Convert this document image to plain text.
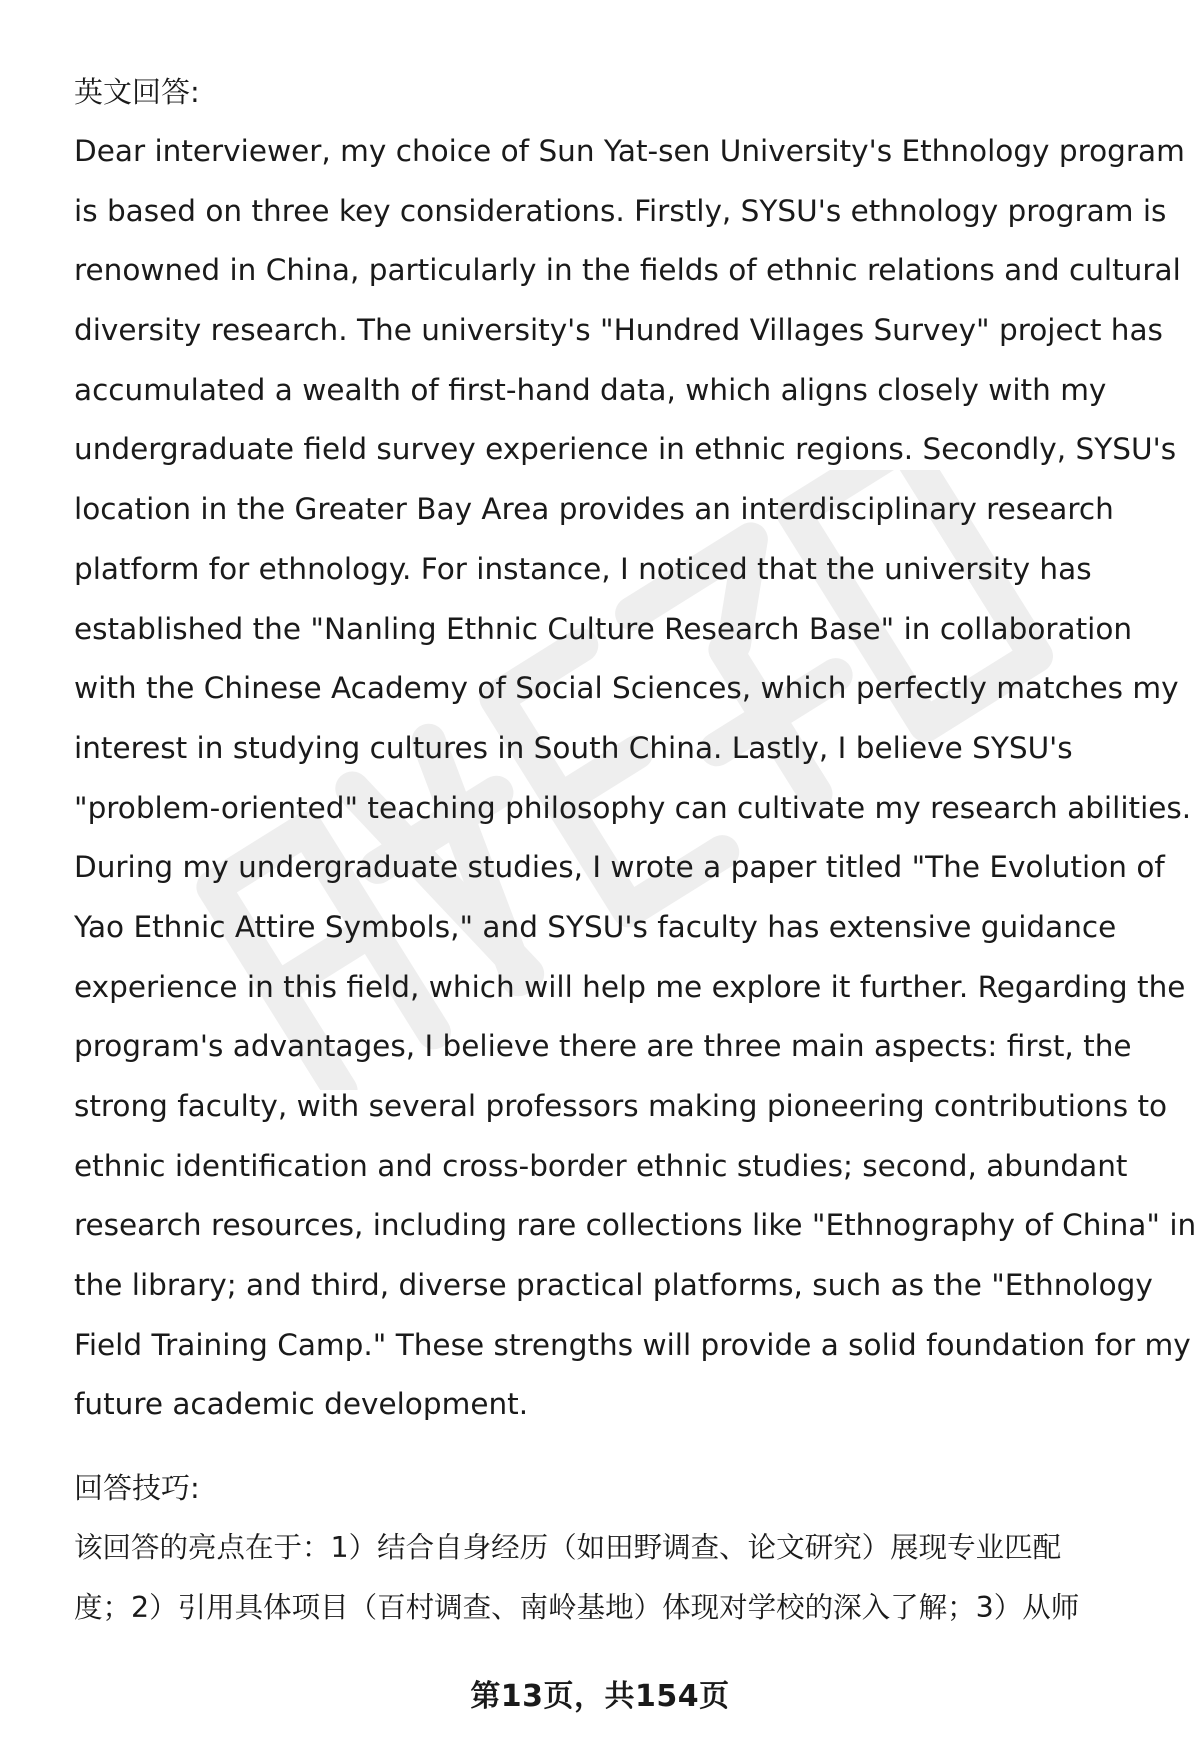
英文回答:

Dear interviewer, my choice of Sun Yat-sen University's Ethnology program
is based on three key considerations. Firstly, SYSU's ethnology program is
renowned in China, particularly in the fields of ethnic relations and cultural
diversity research. The university's "Hundred Villages Survey" project has
accumulated a wealth of first-hand data, which aligns closely with my
undergraduate field survey experience in ethnic regions. Secondly, SYSU's
location in the Greater Bay Area provides an interdisciplinary research
platform for ethnology. For instance, I noticed that the university has
established the "Nanling Ethnic Culture Research Base" in collaboration
with the Chinese Academy of Social Sciences, which perfectly matches my
interest in studying cultures in South China. Lastly, I believe SYSU's
"problem-oriented" teaching philosophy can cultivate my research abilities.
During my undergraduate studies, I wrote a paper titled "The Evolution of
Yao Ethnic Attire Symbols," and SYSU's faculty has extensive guidance
experience in this field, which will help me explore it further. Regarding the
program's advantages, I believe there are three main aspects: first, the
strong faculty, with several professors making pioneering contributions to
ethnic identification and cross-border ethnic studies; second, abundant
research resources, including rare collections like "Ethnography of China" in
the library; and third, diverse practical platforms, such as the "Ethnology
Field Training Camp." These strengths will provide a solid foundation for my
future academic development.

回答技巧:

该回答的亮点在于：1）结合自身经历（如田野调查、论文研究）展现专业匹配
度；2）引用具体项目（百村调查、南岭基地）体现对学校的深入了解；3）从师

第13页，共154页
